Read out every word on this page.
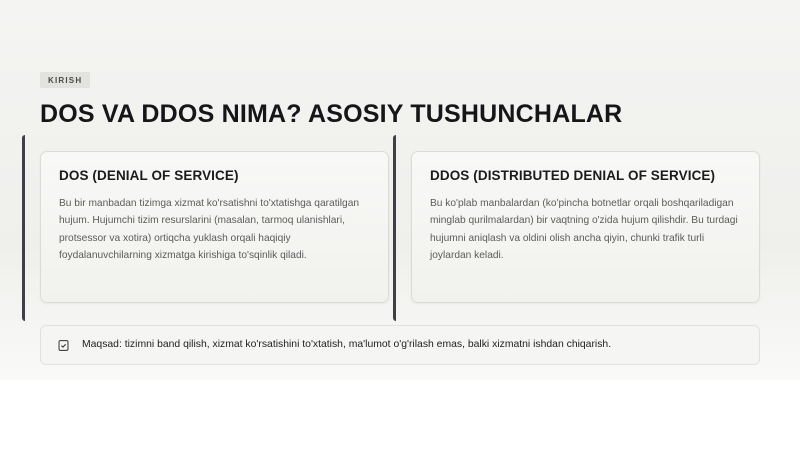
KIRISH
DOS VA DDOS NIMA? ASOSIY TUSHUNCHALAR
DOS (DENIAL OF SERVICE)
Bu bir manbadan tizimga xizmat ko'rsatishni to'xtatishga qaratilgan hujum. Hujumchi tizim resurslarini (masalan, tarmoq ulanishlari, protsessor va xotira) ortiqcha yuklash orqali haqiqiy foydalanuvchilarning xizmatga kirishiga to'sqinlik qiladi.
DDOS (DISTRIBUTED DENIAL OF SERVICE)
Bu ko'plab manbalardan (ko'pincha botnetlar orqali boshqariladigan minglab qurilmalardan) bir vaqtning o'zida hujum qilishdir. Bu turdagi hujumni aniqlash va oldini olish ancha qiyin, chunki trafik turli joylardan keladi.
Maqsad: tizimni band qilish, xizmat ko'rsatishini to'xtatish, ma'lumot o'g'rilash emas, balki xizmatni ishdan chiqarish.
